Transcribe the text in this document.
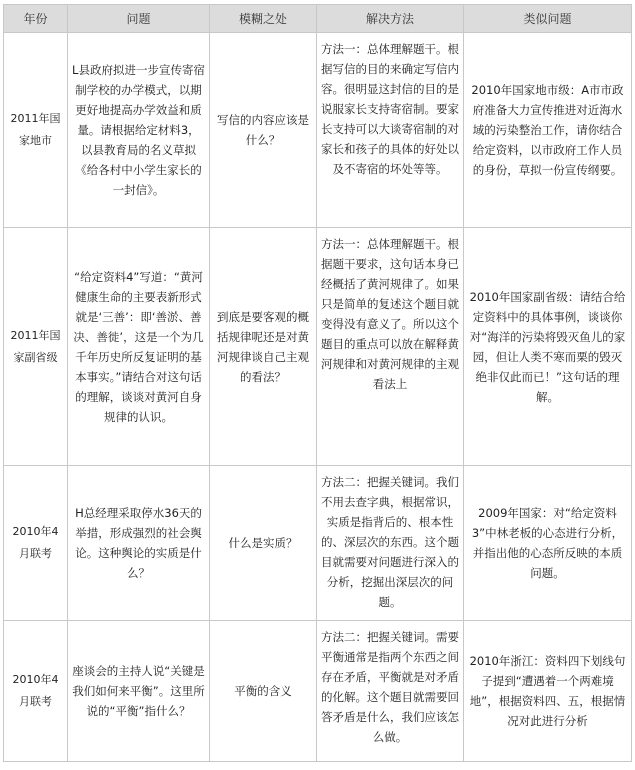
年份	问题	模糊之处	解决方法	类似问题
2011年国家地市	L县政府拟进一步宣传寄宿制学校的办学模式，以期更好地提高办学效益和质量。请根据给定材料3，以县教育局的名义草拟《给各村中小学生家长的一封信》。	写信的内容应该是什么？	方法一：总体理解题干。根据写信的目的来确定写信内容。很明显这封信的目的是说服家长支持寄宿制。要家长支持可以大谈寄宿制的对家长和孩子的具体的好处以及不寄宿的坏处等等。	2010年国家地市级：A市市政府准备大力宣传推进对近海水域的污染整治工作，请你结合给定资料，以市政府工作人员的身份，草拟一份宣传纲要。
2011年国家副省级	“给定资料4”写道：“黄河健康生命的主要表新形式就是‘三善’：即‘善淤、善决、善徙’，这是一个为几千年历史所反复证明的基本事实。”请结合对这句话的理解，谈谈对黄河自身规律的认识。	到底是要客观的概括规律呢还是对黄河规律谈自己主观的看法？	方法一：总体理解题干。根据题干要求，这句话本身已经概括了黄河规律了。如果只是简单的复述这个题目就变得没有意义了。所以这个题目的重点可以放在解释黄河规律和对黄河规律的主观看法上	2010年国家副省级：请结合给定资料中的具体事例，谈谈你对“海洋的污染将毁灭鱼儿的家园，但让人类不寒而栗的毁灭绝非仅此而已！”这句话的理解。
2010年4月联考	H总经理采取停水36天的举措，形成强烈的社会舆论。这种舆论的实质是什么？	什么是实质？	方法二：把握关键词。我们不用去查字典，根据常识，实质是指背后的、根本性的、深层次的东西。这个题目就需要对问题进行深入的分析，挖掘出深层次的问题。	2009年国家：对“给定资料3”中林老板的心态进行分析，并指出他的心态所反映的本质问题。
2010年4月联考	座谈会的主持人说“关键是我们如何来平衡”。这里所说的“平衡”指什么？	平衡的含义	方法二：把握关键词。需要平衡通常是指两个东西之间存在矛盾，平衡就是对矛盾的化解。这个题目就需要回答矛盾是什么，我们应该怎么做。	2010年浙江：资料四下划线句子提到“遭遇着一个两难境地”，根据资料四、五，根据情况对此进行分析
